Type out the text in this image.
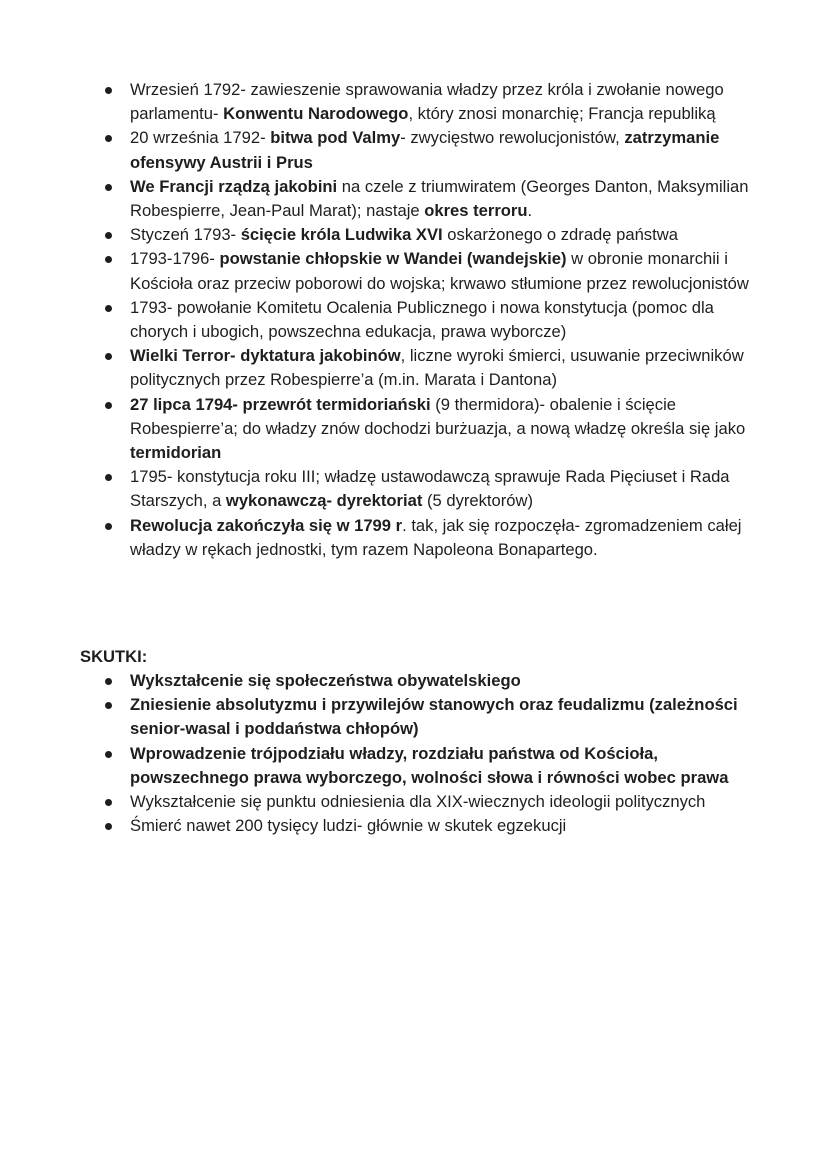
Wrzesień 1792- zawieszenie sprawowania władzy przez króla i zwołanie nowego parlamentu- Konwentu Narodowego, który znosi monarchię; Francja republiką
20 września 1792- bitwa pod Valmy- zwycięstwo rewolucjonistów, zatrzymanie ofensywy Austrii i Prus
We Francji rządzą jakobini na czele z triumwiratem (Georges Danton, Maksymilian Robespierre, Jean-Paul Marat); nastaje okres terroru.
Styczeń 1793- ścięcie króla Ludwika XVI oskarżonego o zdradę państwa
1793-1796- powstanie chłopskie w Wandei (wandejskie) w obronie monarchii i Kościoła oraz przeciw poborowi do wojska; krwawo stłumione przez rewolucjonistów
1793- powołanie Komitetu Ocalenia Publicznego i nowa konstytucja (pomoc dla chorych i ubogich, powszechna edukacja, prawa wyborcze)
Wielki Terror- dyktatura jakobinów, liczne wyroki śmierci, usuwanie przeciwników politycznych przez Robespierre’a (m.in. Marata i Dantona)
27 lipca 1794- przewrót termidoriański (9 thermidora)- obalenie i ścięcie Robespierre’a; do władzy znów dochodzi burżuazja, a nową władzę określa się jako termidorian
1795- konstytucja roku III; władzę ustawodawczą sprawuje Rada Pięciuset i Rada Starszych, a wykonawczą- dyrektoriat (5 dyrektorów)
Rewolucja zakończyła się w 1799 r. tak, jak się rozpoczęła- zgromadzeniem całej władzy w rękach jednostki, tym razem Napoleona Bonapartego.
SKUTKI:
Wykształcenie się społeczeństwa obywatelskiego
Zniesienie absolutyzmu i przywilejów stanowych oraz feudalizmu (zależności senior-wasal i poddaństwa chłopów)
Wprowadzenie trójpodziału władzy, rozdziału państwa od Kościoła, powszechnego prawa wyborczego, wolności słowa i równości wobec prawa
Wykształcenie się punktu odniesienia dla XIX-wiecznych ideologii politycznych
Śmierć nawet 200 tysięcy ludzi- głównie w skutek egzekucji
